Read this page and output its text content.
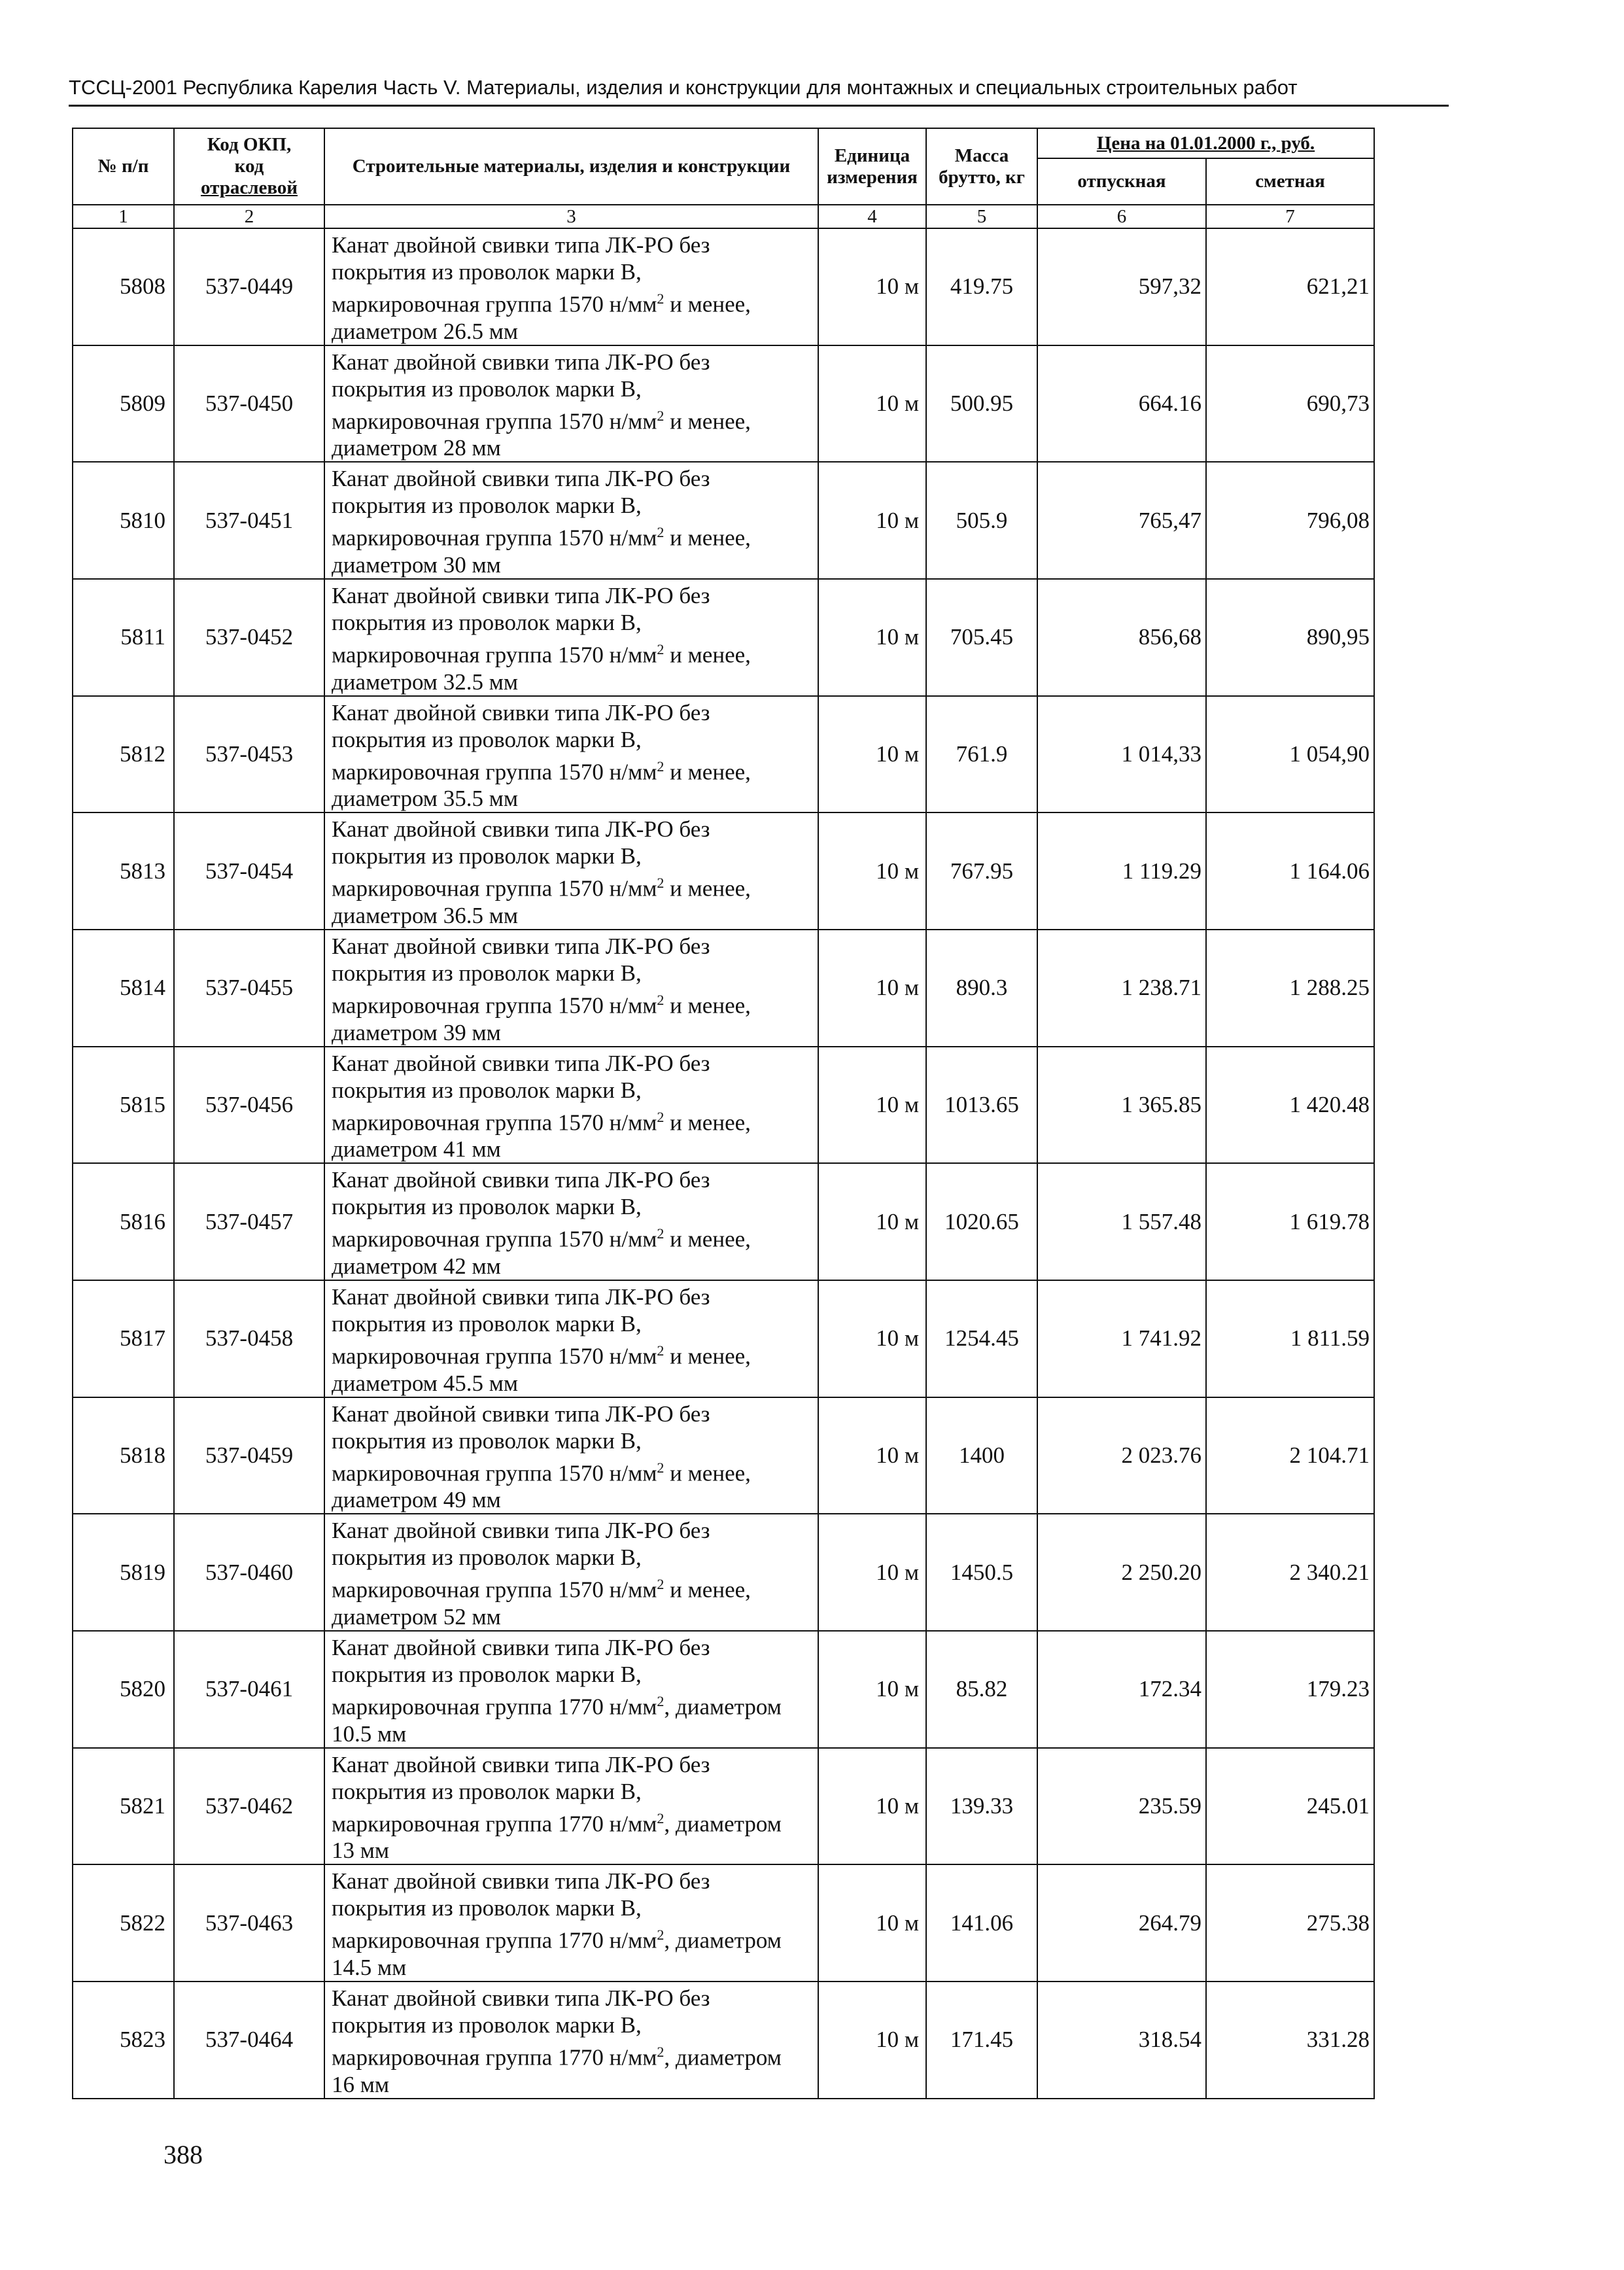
ТССЦ-2001 Республика Карелия Часть V. Материалы, изделия и конструкции для монтажных и специальных строительных работ
№ п/п	Код ОКП,
код
отраслевой	Строительные материалы, изделия и конструкции	Единица измерения	Масса брутто, кг	Цена на 01.01.2000 г., руб.	
					отпускная	сметная
1	2	3	4	5	6	7
5808	537-0449	Канат двойной свивки типа ЛК-РО без
покрытия из проволок марки В,
маркировочная группа 1570 $н/мм^2$ и менее,
диаметром 26.5 мм	10 м	419.75	597,32	621,21
5809	537-0450	Канат двойной свивки типа ЛК-РО без
покрытия из проволок марки В,
маркировочная группа 1570 $н/мм^2$ и менее,
диаметром 28 мм	10 м	500.95	664.16	690,73
5810	537-0451	Канат двойной свивки типа ЛК-РО без
покрытия из проволок марки В,
маркировочная группа 1570 $н/мм^2$ и менее,
диаметром 30 мм	10 м	505.9	765,47	796,08
5811	537-0452	Канат двойной свивки типа ЛК-РО без
покрытия из проволок марки В,
маркировочная группа 1570 $н/мм^2$ и менее,
диаметром 32.5 мм	10 м	705.45	856,68	890,95
5812	537-0453	Канат двойной свивки типа ЛК-РО без
покрытия из проволок марки В,
маркировочная группа 1570 $н/мм^2$ и менее,
диаметром 35.5 мм	10 м	761.9	1 014,33	1 054,90
5813	537-0454	Канат двойной свивки типа ЛК-РО без
покрытия из проволок марки В,
маркировочная группа 1570 $н/мм^2$ и менее,
диаметром 36.5 мм	10 м	767.95	1 119.29	1 164.06
5814	537-0455	Канат двойной свивки типа ЛК-РО без
покрытия из проволок марки В,
маркировочная группа 1570 $н/мм^2$ и менее,
диаметром 39 мм	10 м	890.3	1 238.71	1 288.25
5815	537-0456	Канат двойной свивки типа ЛК-РО без
покрытия из проволок марки В,
маркировочная группа 1570 $н/мм^2$ и менее,
диаметром 41 мм	10 м	1013.65	1 365.85	1 420.48
5816	537-0457	Канат двойной свивки типа ЛК-РО без
покрытия из проволок марки В,
маркировочная группа 1570 $н/мм^2$ и менее,
диаметром 42 мм	10 м	1020.65	1 557.48	1 619.78
5817	537-0458	Канат двойной свивки типа ЛК-РО без
покрытия из проволок марки В,
маркировочная группа 1570 $н/мм^2$ и менее,
диаметром 45.5 мм	10 м	1254.45	1 741.92	1 811.59
5818	537-0459	Канат двойной свивки типа ЛК-РО без
покрытия из проволок марки В,
маркировочная группа 1570 $н/мм^2$ и менее,
диаметром 49 мм	10 м	1400	2 023.76	2 104.71
5819	537-0460	Канат двойной свивки типа ЛК-РО без
покрытия из проволок марки В,
маркировочная группа 1570 $н/мм^2$ и менее,
диаметром 52 мм	10 м	1450.5	2 250.20	2 340.21
5820	537-0461	Канат двойной свивки типа ЛК-РО без
покрытия из проволок марки В,
маркировочная группа 1770 $н/мм^2$, диаметром
10.5 мм	10 м	85.82	172.34	179.23
5821	537-0462	Канат двойной свивки типа ЛК-РО без
покрытия из проволок марки В,
маркировочная группа 1770 $н/мм^2$, диаметром
13 мм	10 м	139.33	235.59	245.01
5822	537-0463	Канат двойной свивки типа ЛК-РО без
покрытия из проволок марки В,
маркировочная группа 1770 $н/мм^2$, диаметром
14.5 мм	10 м	141.06	264.79	275.38
5823	537-0464	Канат двойной свивки типа ЛК-РО без
покрытия из проволок марки В,
маркировочная группа 1770 $н/мм^2$, диаметром
16 мм	10 м	171.45	318.54	331.28
388
